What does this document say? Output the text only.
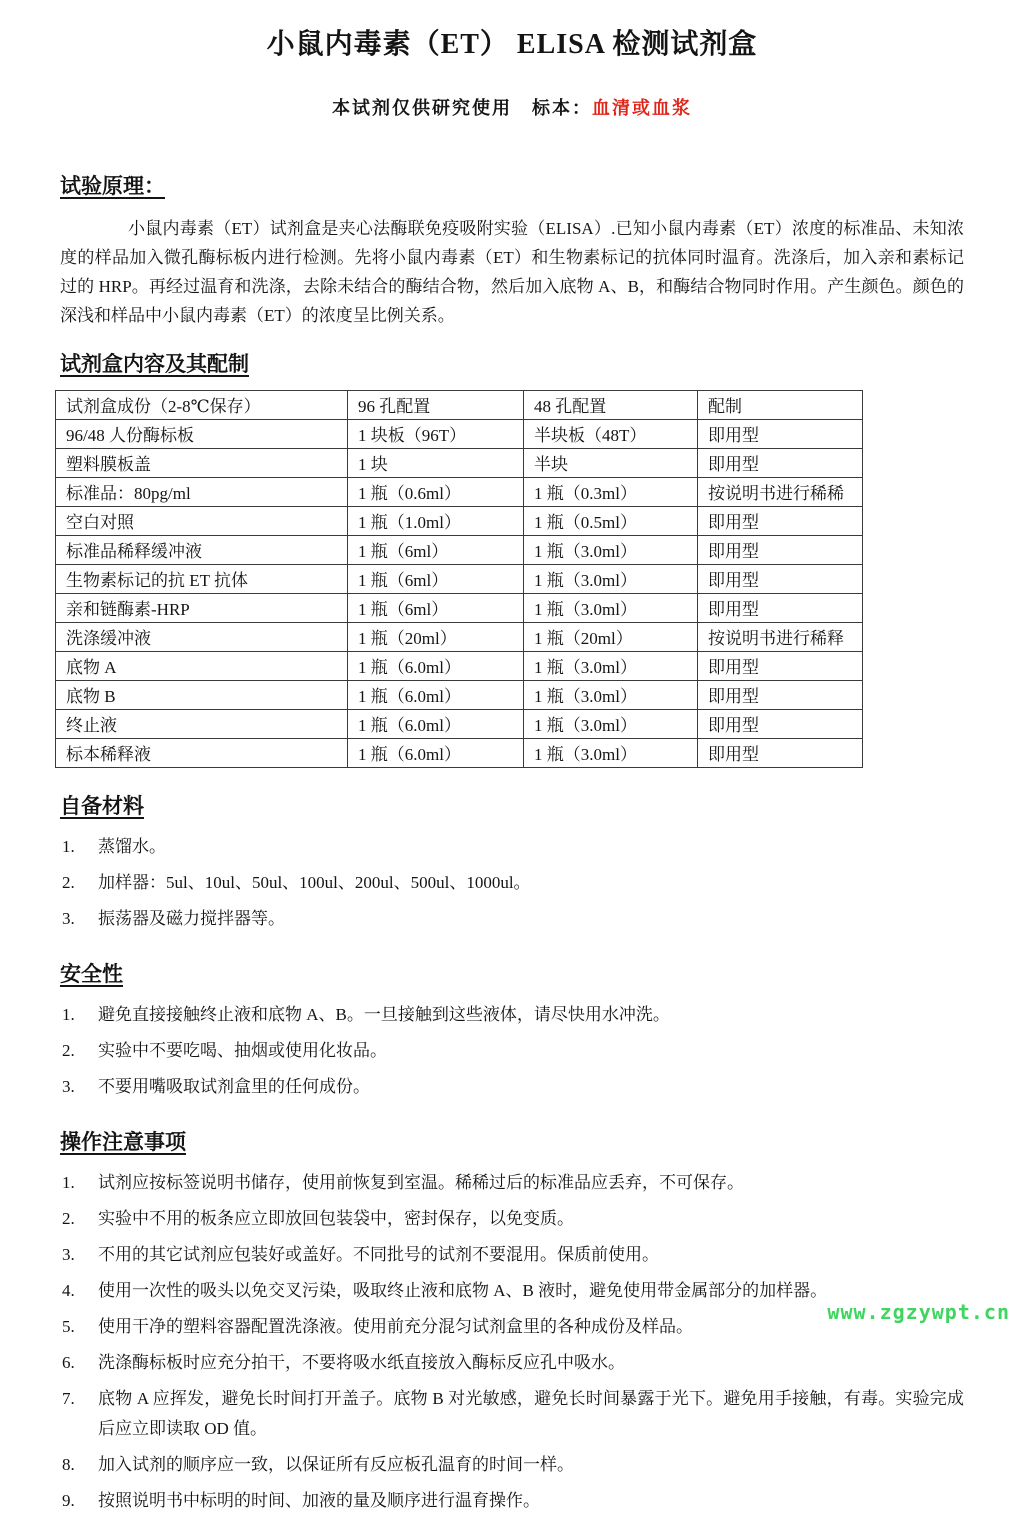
小鼠内毒素（ET） ELISA 检测试剂盒
本试剂仅供研究使用　标本：血清或血浆
试验原理：
小鼠内毒素（ET）试剂盒是夹心法酶联免疫吸附实验（ELISA）.已知小鼠内毒素（ET）浓度的标准品、未知浓度的样品加入微孔酶标板内进行检测。先将小鼠内毒素（ET）和生物素标记的抗体同时温育。洗涤后，加入亲和素标记过的 HRP。再经过温育和洗涤，去除未结合的酶结合物，然后加入底物 A、B，和酶结合物同时作用。产生颜色。颜色的深浅和样品中小鼠内毒素（ET）的浓度呈比例关系。
试剂盒内容及其配制
试剂盒成份（2-8℃保存）	96 孔配置	48 孔配置	配制
96/48 人份酶标板	1 块板（96T）	半块板（48T）	即用型
塑料膜板盖	1 块	半块	即用型
标准品：80pg/ml	1 瓶（0.6ml）	1 瓶（0.3ml）	按说明书进行稀稀
空白对照	1 瓶（1.0ml）	1 瓶（0.5ml）	即用型
标准品稀释缓冲液	1 瓶（6ml）	1 瓶（3.0ml）	即用型
生物素标记的抗 ET 抗体	1 瓶（6ml）	1 瓶（3.0ml）	即用型
亲和链酶素-HRP	1 瓶（6ml）	1 瓶（3.0ml）	即用型
洗涤缓冲液	1 瓶（20ml）	1 瓶（20ml）	按说明书进行稀释
底物 A	1 瓶（6.0ml）	1 瓶（3.0ml）	即用型
底物 B	1 瓶（6.0ml）	1 瓶（3.0ml）	即用型
终止液	1 瓶（6.0ml）	1 瓶（3.0ml）	即用型
标本稀释液	1 瓶（6.0ml）	1 瓶（3.0ml）	即用型
自备材料
蒸馏水。
加样器：5ul、10ul、50ul、100ul、200ul、500ul、1000ul。
振荡器及磁力搅拌器等。
安全性
避免直接接触终止液和底物 A、B。一旦接触到这些液体，请尽快用水冲洗。
实验中不要吃喝、抽烟或使用化妆品。
不要用嘴吸取试剂盒里的任何成份。
操作注意事项
试剂应按标签说明书储存，使用前恢复到室温。稀稀过后的标准品应丢弃，不可保存。
实验中不用的板条应立即放回包装袋中，密封保存，以免变质。
不用的其它试剂应包装好或盖好。不同批号的试剂不要混用。保质前使用。
使用一次性的吸头以免交叉污染，吸取终止液和底物 A、B 液时，避免使用带金属部分的加样器。
使用干净的塑料容器配置洗涤液。使用前充分混匀试剂盒里的各种成份及样品。
洗涤酶标板时应充分拍干，不要将吸水纸直接放入酶标反应孔中吸水。
底物 A 应挥发，避免长时间打开盖子。底物 B 对光敏感，避免长时间暴露于光下。避免用手接触，有毒。实验完成后应立即读取 OD 值。
加入试剂的顺序应一致，以保证所有反应板孔温育的时间一样。
按照说明书中标明的时间、加液的量及顺序进行温育操作。
www.zgzywpt.cn
